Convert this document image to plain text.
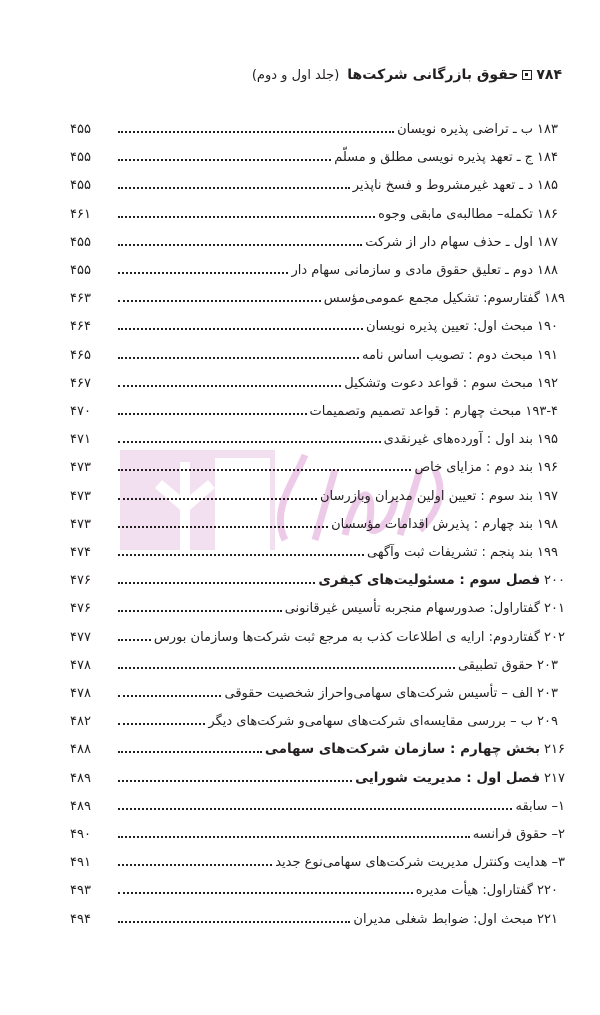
۷۸۴
حقوق بازرگانی شرکت‌ها
(جلد اول و دوم)
۴۵۵	۱۸۳ب ـ تراضی پذیره نویسان
۴۵۵	۱۸۴ج ـ تعهد پذیره نویسی مطلق و مسلّم
۴۵۵	۱۸۵د ـ تعهد غیرمشروط و فسخ ناپذیر
۴۶۱	۱۸۶تکمله– مطالبه‌ی مابقی وجوه
۴۵۵	۱۸۷اول ـ حذف سهام دار از شرکت
۴۵۵	۱۸۸دوم ـ تعلیق حقوق مادی و سازمانی سهام دار
۴۶۳	۱۸۹گفتارسوم: تشکیل مجمع عمومی‌مؤسس
۴۶۴	۱۹۰مبحث اول: تعیین پذیره نویسان
۴۶۵	۱۹۱مبحث دوم : تصویب اساس نامه
۴۶۷	۱۹۲مبحث سوم : قواعد دعوت وتشکیل
۴۷۰	۱۹۳-۴مبحث چهارم : قواعد تصمیم وتصمیمات
۴۷۱	۱۹۵بند اول : آورده‌های غیرنقدی
۴۷۳	۱۹۶بند دوم : مزایای خاص
۴۷۳	۱۹۷بند سوم : تعیین اولین مدیران وبازرسان
۴۷۳	۱۹۸بند چهارم : پذیرش اقدامات مؤسسان
۴۷۴	۱۹۹بند پنجم : تشریفات ثبت وآگهی
۴۷۶	۲۰۰فصل سوم : مسئولیت‌های کیفری
۴۷۶	۲۰۱گفتاراول: صدورسهام منجربه تأسیس غیرقانونی
۴۷۷	۲۰۲گفتاردوم: ارایه ی اطلاعات کذب به مرجع ثبت شرکت‌ها وسازمان بورس
۴۷۸	۲۰۳حقوق تطبیقی
۴۷۸	۲۰۳الف – تأسیس شرکت‌های سهامی‌واحراز شخصیت حقوقی
۴۸۲	۲۰۹ب – بررسی مقایسه‌ای شرکت‌های سهامی‌و شرکت‌های دیگر
۴۸۸	۲۱۶بخش چهارم : سازمان شرکت‌های سهامی
۴۸۹	۲۱۷فصل اول : مدیریت شورایی
۴۸۹	۱–سابقه
۴۹۰	۲–حقوق فرانسه
۴۹۱	۳–هدایت وکنترل مدیریت شرکت‌های سهامی‌نوع جدید
۴۹۳	۲۲۰گفتاراول: هیأت مدیره
۴۹۴	۲۲۱مبحث اول: ضوابط شغلی مدیران
